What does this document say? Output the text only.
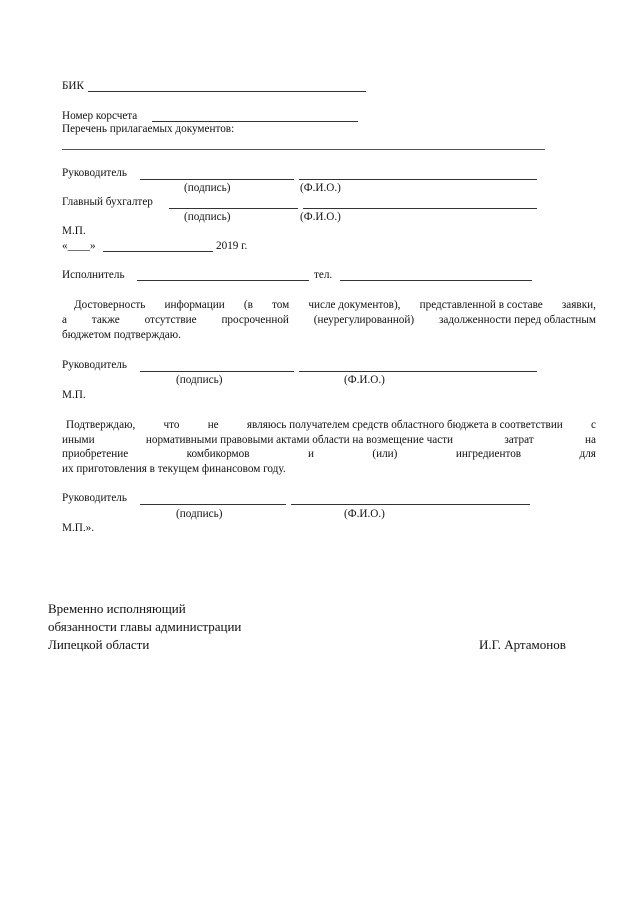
БИК
Номер корсчета
Перечень прилагаемых документов:
Руководитель
(подпись)	(Ф.И.О.)
Главный бухгалтер
(подпись)	(Ф.И.О.)
М.П.
«____»	2019 г.
Исполнитель	тел.
Достоверность информации (в том числе документов), представленной в составе заявки,
а также отсутствие просроченной (неурегулированной) задолженности перед областным
бюджетом подтверждаю.
Руководитель
(подпись)	(Ф.И.О.)
М.П.
Подтверждаю,	что	не	являюсь получателем средств областного бюджета в соответствии	с
иными	нормативными правовыми актами области на возмещение части	затрат	на
приобретение	комбикормов	и	(или)	ингредиентов	для
их приготовления в текущем финансовом году.
Руководитель
(подпись)	(Ф.И.О.)
М.П.».
Временно исполняющий
обязанности главы администрации
Липецкой области	И.Г. Артамонов
